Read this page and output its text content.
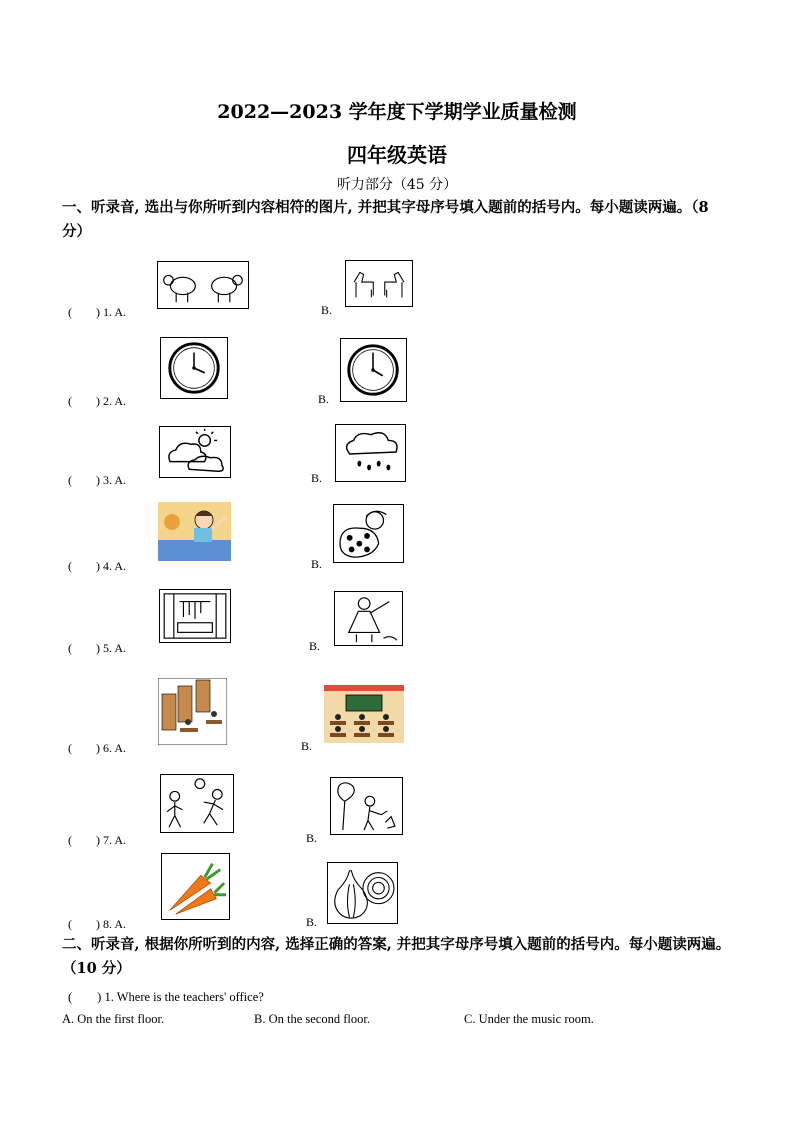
2022—2023 学年度下学期学业质量检测
四年级英语
听力部分（45 分）
一、听录音, 选出与你所听到内容相符的图片, 并把其字母序号填入题前的括号内。每小题读两遍。（8 分）
(　　) 1. A.	B.
(　　) 2. A.	B.
(　　) 3. A.	B.
(　　) 4. A.	B.
(　　) 5. A.	B.
(　　) 6. A.	B.
(　　) 7. A.	B.
(　　) 8. A.	B.
二、听录音, 根据你所听到的内容, 选择正确的答案, 并把其字母序号填入题前的括号内。每小题读两遍。（10 分）
(　　) 1. Where is the teachers' office?
A. On the first floor.	B. On the second floor.	C. Under the music room.
